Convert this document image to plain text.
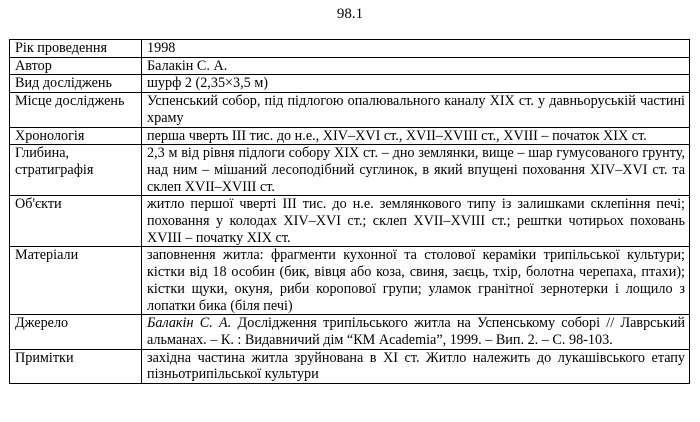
98.1
Рік проведення	1998
Автор	Балакін С. А.
Вид досліджень	шурф 2 (2,35×3,5 м)
Місце досліджень	Успенський собор, під підлогою опалювального каналу XIX ст. у давньоруській частині храму
Хронологія	перша чверть III тис. до н.е., XIV–XVI ст., XVII–XVIII ст., XVIII – початок XIX ст.
Глибина, стратиграфія	2,3 м від рівня підлоги собору XIX ст. – дно землянки, вище – шар гумусованого грунту, над ним – мішаний лесоподібний суглинок, в який впущені поховання XIV–XVI ст. та склеп XVII–XVIII ст.
Об'єкти	житло першої чверті III тис. до н.е. землянкового типу із залишками склепіння печі; поховання у колодах XIV–XVI ст.; склеп XVII–XVIII ст.; рештки чотирьох поховань XVIII – початку XIX ст.
Матеріали	заповнення житла: фрагменти кухонної та столової кераміки трипільської культури; кістки від 18 особин (бик, вівця або коза, свиня, заєць, тхір, болотна черепаха, птахи); кістки щуки, окуня, риби коропової групи; уламок гранітної зернотерки і лощило з лопатки бика (біля печі)
Джерело	Балакін С. А. Дослідження трипільського житла на Успенському соборі // Лаврський альманах. – К. : Видавничий дім “КМ Academia”, 1999. – Вип. 2. – С. 98-103.
Примітки	західна частина житла зруйнована в XI ст. Житло належить до лукашівського етапу пізньотрипільської культури
